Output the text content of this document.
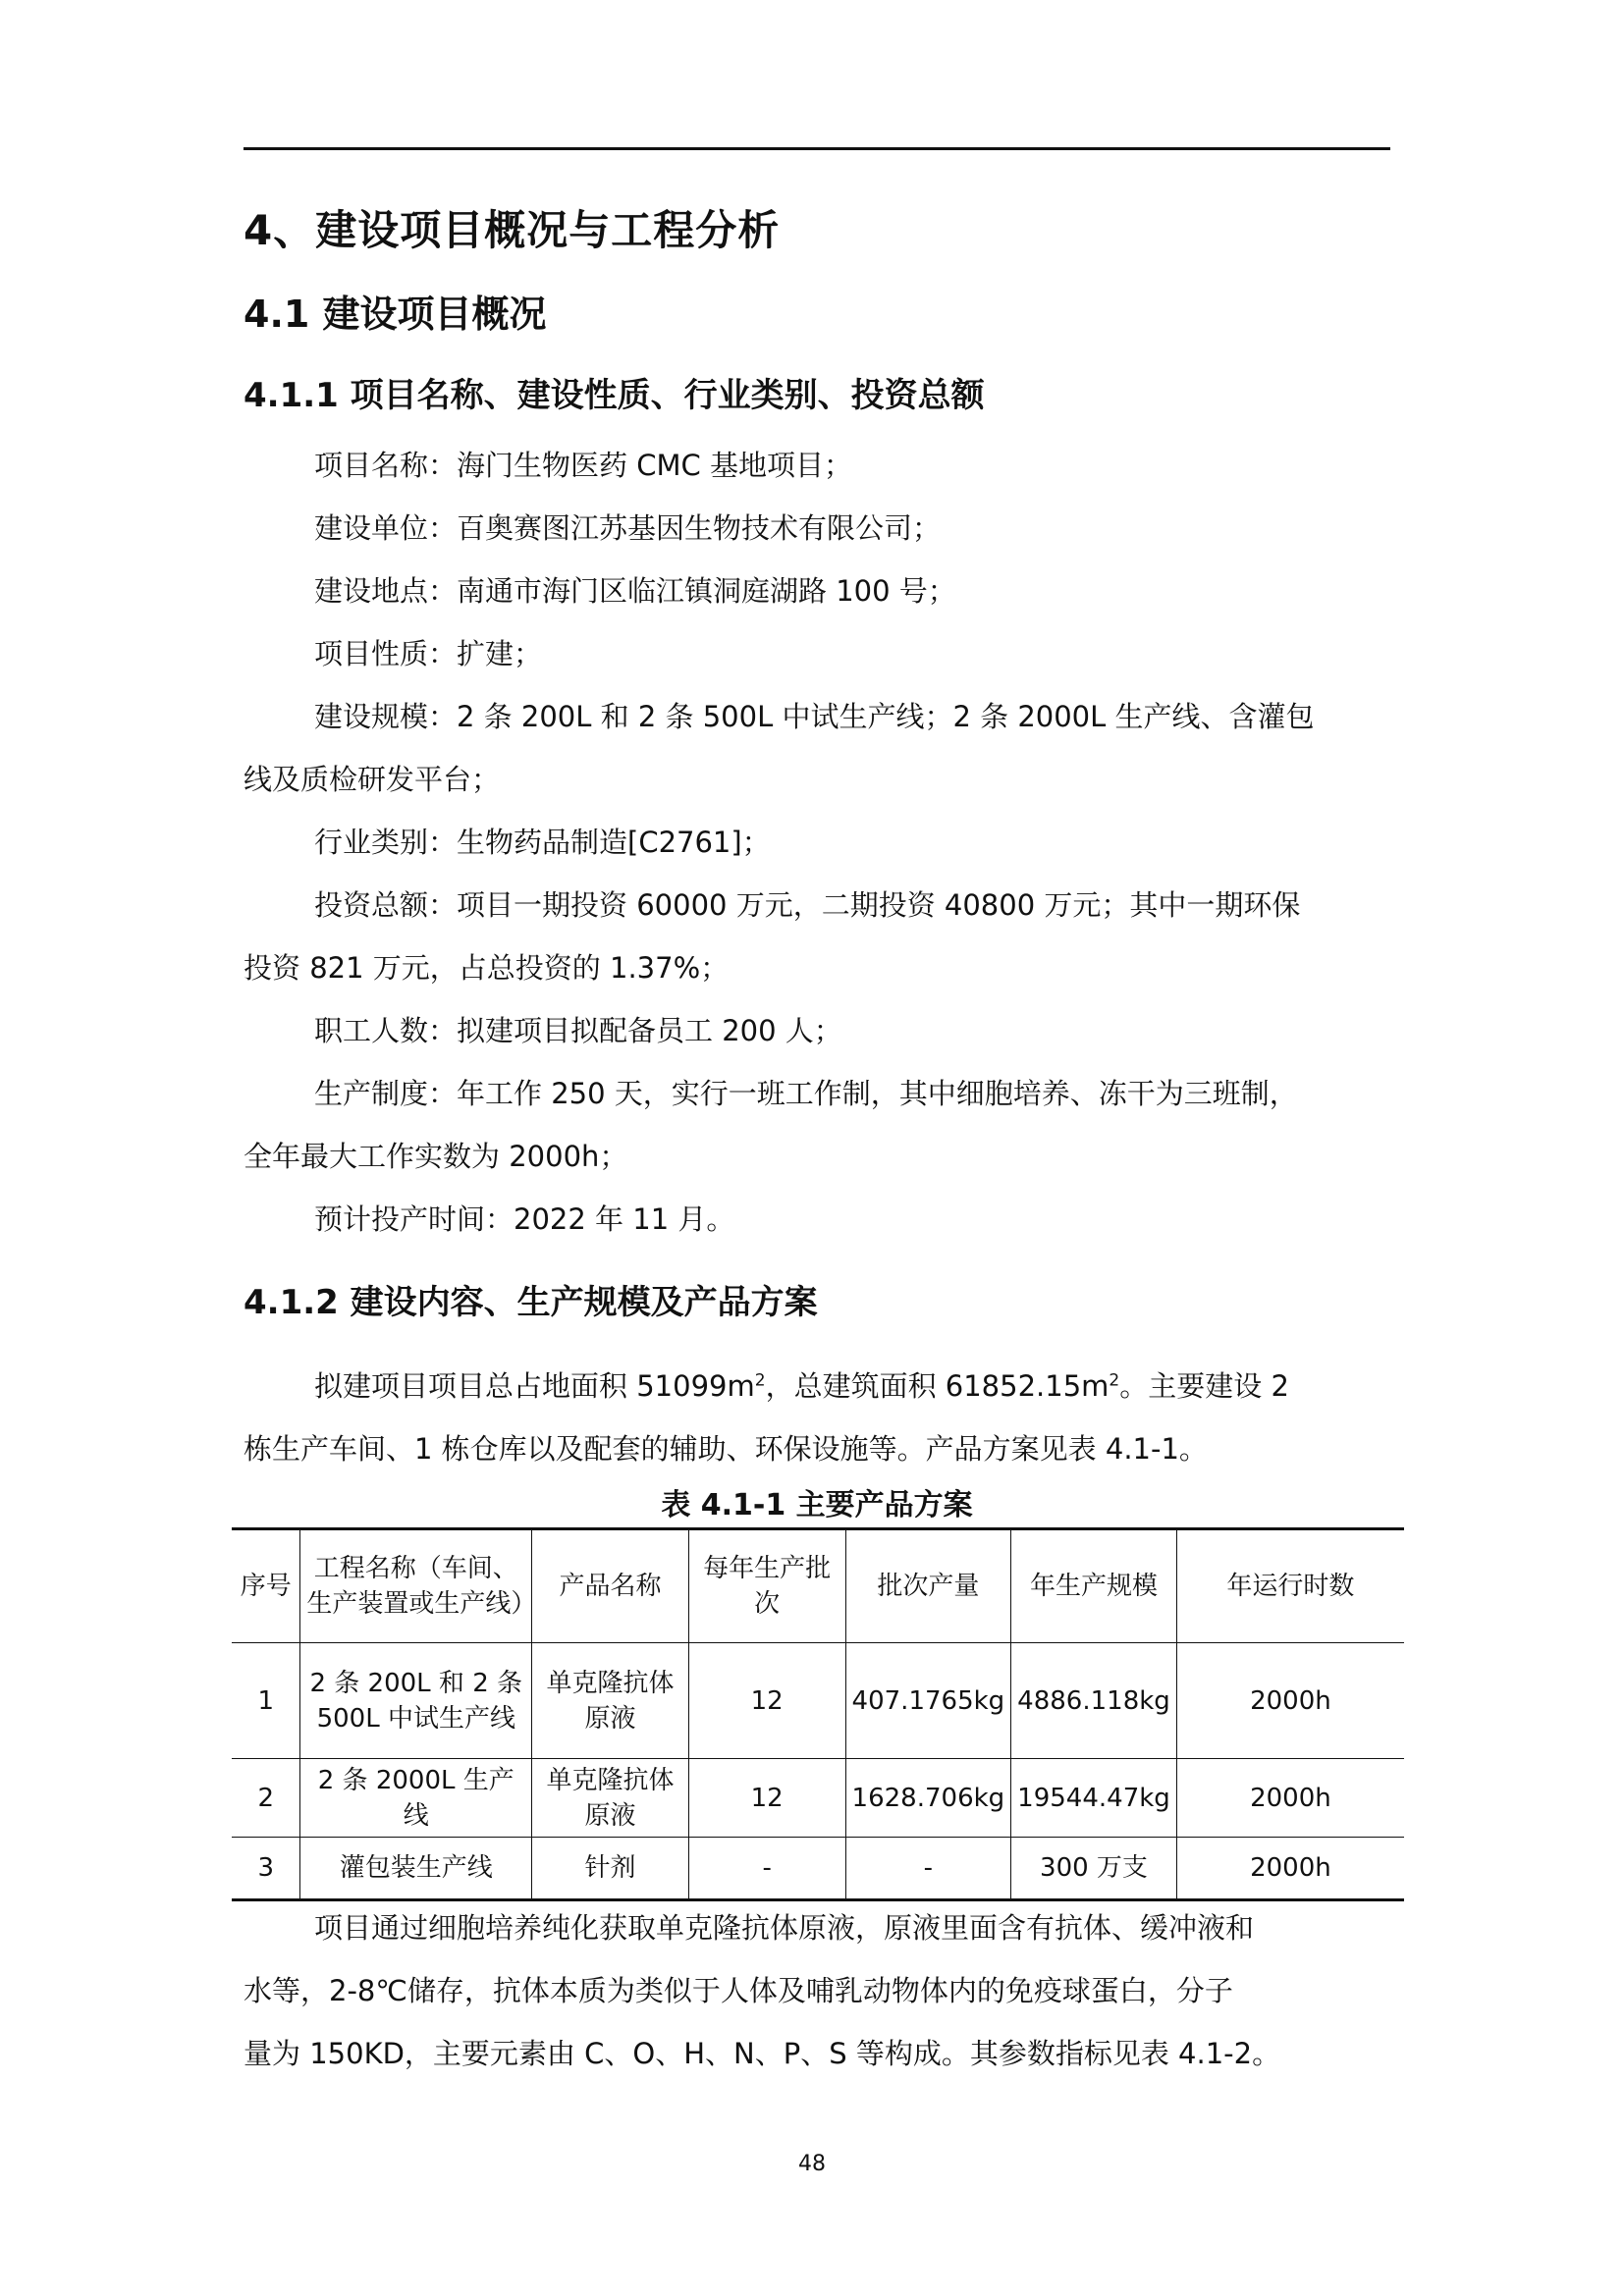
4、建设项目概况与工程分析
4.1 建设项目概况
4.1.1 项目名称、建设性质、行业类别、投资总额
项目名称：海门生物医药 CMC 基地项目；
建设单位：百奥赛图江苏基因生物技术有限公司；
建设地点：南通市海门区临江镇洞庭湖路 100 号；
项目性质：扩建；
建设规模：2 条 200L 和 2 条 500L 中试生产线；2 条 2000L 生产线、含灌包
线及质检研发平台；
行业类别：生物药品制造[C2761]；
投资总额：项目一期投资 60000 万元，二期投资 40800 万元；其中一期环保
投资 821 万元，占总投资的 1.37%；
职工人数：拟建项目拟配备员工 200 人；
生产制度：年工作 250 天，实行一班工作制，其中细胞培养、冻干为三班制，
全年最大工作实数为 2000h；
预计投产时间：2022 年 11 月。
4.1.2 建设内容、生产规模及产品方案
拟建项目项目总占地面积 $51099m^2$，总建筑面积 $61852.15m^2$。主要建设 2
栋生产车间、1 栋仓库以及配套的辅助、环保设施等。产品方案见表 4.1-1。
表 4.1-1 主要产品方案
序号	工程名称（车间、生产装置或生产线）	产品名称	每年生产批次	批次产量	年生产规模	年运行时数
1	2 条 200L 和 2 条 500L 中试生产线	单克隆抗体原液	12	407.1765kg	4886.118kg	2000h
2	2 条 2000L 生产线	单克隆抗体原液	12	1628.706kg	19544.47kg	2000h
3	灌包装生产线	针剂	-	-	300 万支	2000h
项目通过细胞培养纯化获取单克隆抗体原液，原液里面含有抗体、缓冲液和
水等，2-8℃储存，抗体本质为类似于人体及哺乳动物体内的免疫球蛋白，分子
量为 150KD，主要元素由 C、O、H、N、P、S 等构成。其参数指标见表 4.1-2。
48
